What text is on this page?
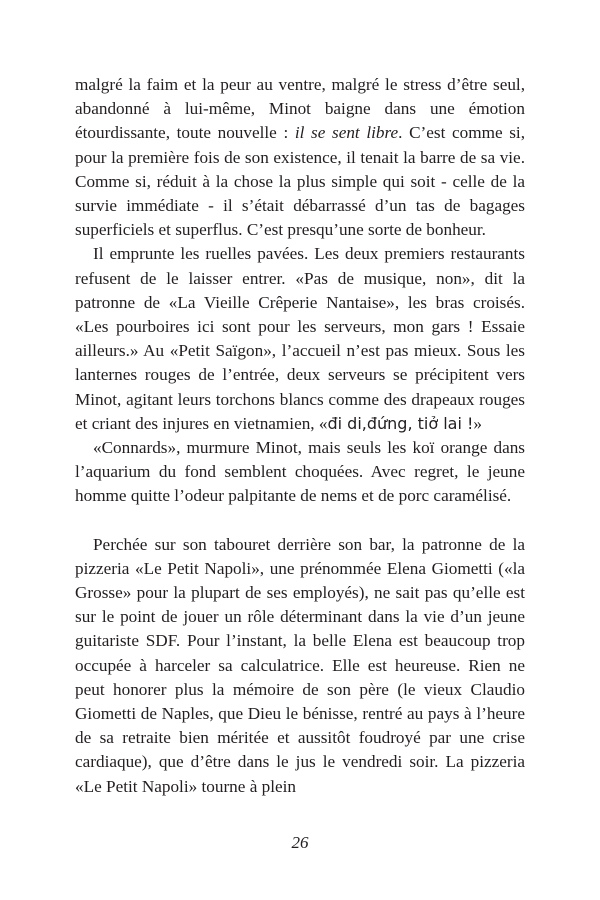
malgré la faim et la peur au ventre, malgré le stress d’être seul, abandonné à lui-même, Minot baigne dans une émotion étourdissante, toute nouvelle : il se sent libre. C’est comme si, pour la première fois de son existence, il tenait la barre de sa vie. Comme si, réduit à la chose la plus simple qui soit - celle de la survie immédiate - il s’était débarrassé d’un tas de bagages superficiels et superflus. C’est presqu’une sorte de bonheur.

Il emprunte les ruelles pavées. Les deux premiers restaurants refusent de le laisser entrer. «Pas de musique, non», dit la patronne de «La Vieille Crêperie Nantaise», les bras croisés. «Les pourboires ici sont pour les serveurs, mon gars ! Essaie ailleurs.» Au «Petit Saïgon», l’accueil n’est pas mieux. Sous les lanternes rouges de l’entrée, deux serveurs se précipitent vers Minot, agitant leurs torchons blancs comme des drapeaux rouges et criant des injures en vietnamien, «đi di,đứng, tiở lai !»

«Connards», murmure Minot, mais seuls les koï orange dans l’aquarium du fond semblent choquées. Avec regret, le jeune homme quitte l’odeur palpitante de nems et de porc caramélisé.

Perchée sur son tabouret derrière son bar, la patronne de la pizzeria «Le Petit Napoli», une prénommée Elena Giometti («la Grosse» pour la plupart de ses employés), ne sait pas qu’elle est sur le point de jouer un rôle déterminant dans la vie d’un jeune guitariste SDF. Pour l’instant, la belle Elena est beaucoup trop occupée à harceler sa calculatrice. Elle est heureuse. Rien ne peut honorer plus la mémoire de son père (le vieux Claudio Giometti de Naples, que Dieu le bénisse, rentré au pays à l’heure de sa retraite bien méritée et aussitôt foudroyé par une crise cardiaque), que d’être dans le jus le vendredi soir. La pizzeria «Le Petit Napoli» tourne à plein

26
